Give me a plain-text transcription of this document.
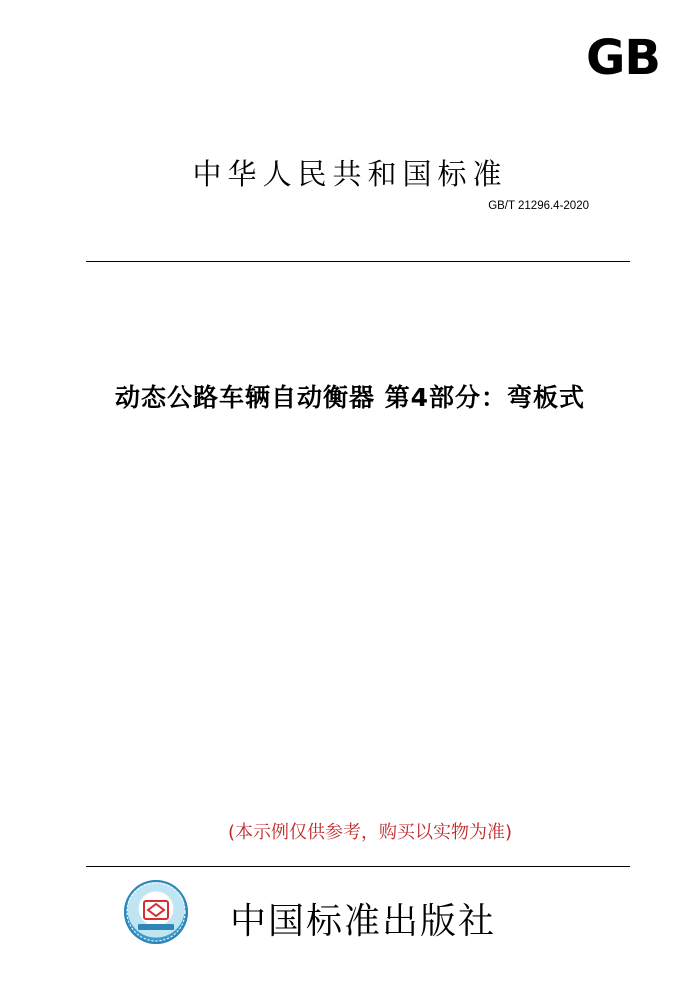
GB
中华人民共和国标准
GB/T 21296.4-2020
动态公路车辆自动衡器 第4部分：弯板式
(本示例仅供参考，购买以实物为准)
中国标准出版社
